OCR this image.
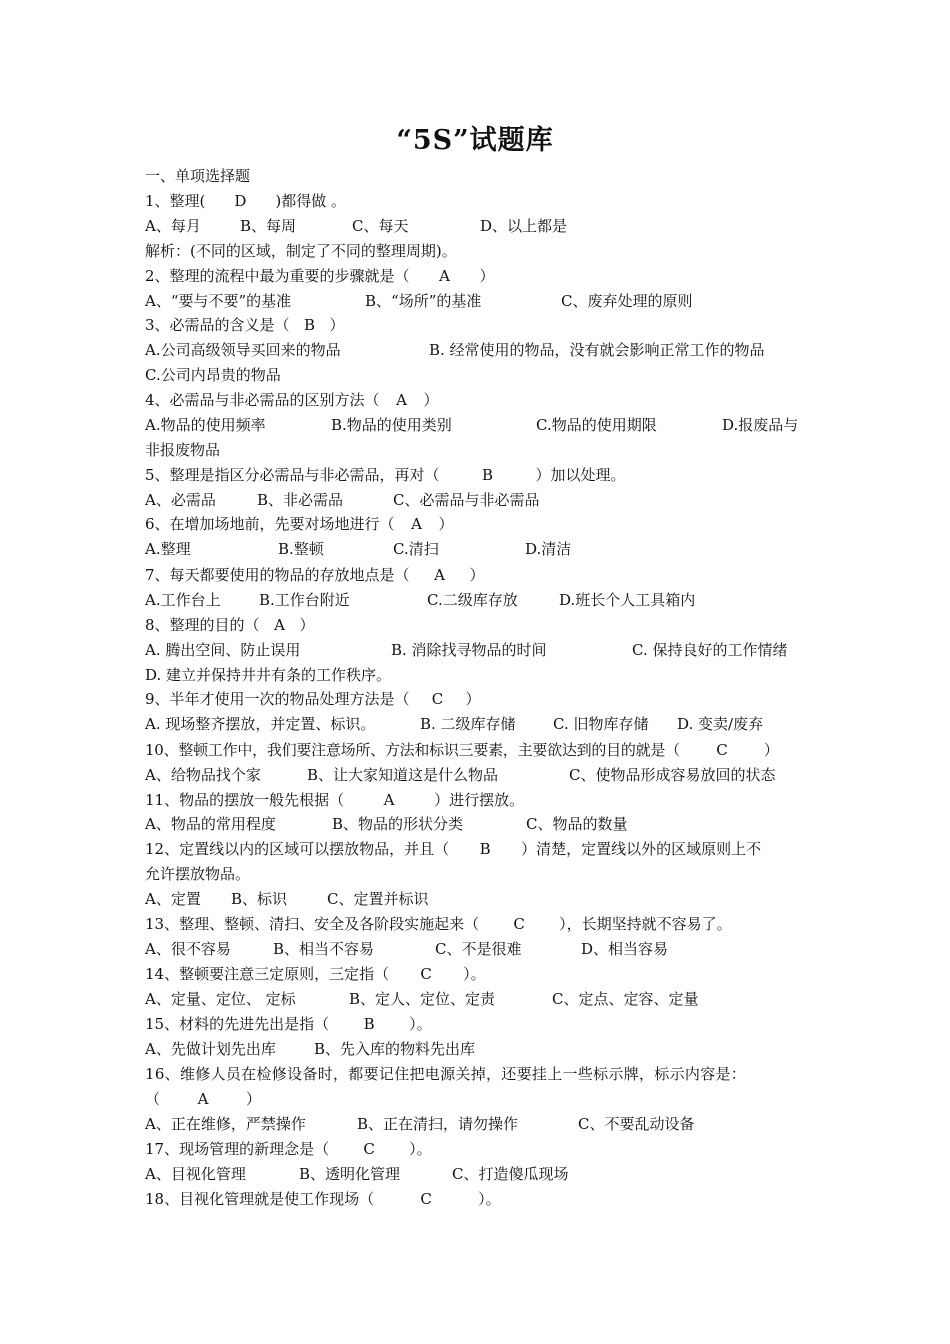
“5S”试题库
一、单项选择题
1、整理( D )都得做 。

A、每月

	B、每周

	C、每天

	D、以上都是

解析：(不同的区域，制定了不同的整理周期)。
2、整理的流程中最为重要的步骤就是（ A ）

A、“要与不要”的基准

	B、“场所”的基准

	C、废弃处理的原则

3、必需品的含义是（ B ）

A.公司高级领导买回来的物品

	B. 经常使用的物品，没有就会影响正常工作的物品

C.公司内昂贵的物品
4、必需品与非必需品的区别方法（ A ）

A.物品的使用频率

	B.物品的使用类别

	C.物品的使用期限

	D.报废品与

非报废物品
5、整理是指区分必需品与非必需品，再对（	B	）加以处理。

A、必需品

	B、非必需品

	C、必需品与非必需品

6、在增加场地前，先要对场地进行（ A ）

A.整理

	B.整顿

	C.清扫

	D.清洁

7、每天都要使用的物品的存放地点是（ A ）

A.工作台上

	B.工作台附近

	C.二级库存放

	D.班长个人工具箱内

8、整理的目的（ A ）

A. 腾出空间、防止误用

	B. 消除找寻物品的时间

	C. 保持良好的工作情绪

D. 建立并保持井井有条的工作秩序。
9、半年才使用一次的物品处理方法是（ C ）

A. 现场整齐摆放，并定置、标识。

	B. 二级库存储

C. 旧物库存储

D. 变卖/废弃

10、整顿工作中，我们要注意场所、方法和标识三要素，主要欲达到的目的就是（ C ）

A、给物品找个家

	B、让大家知道这是什么物品

	C、使物品形成容易放回的状态

11、物品的摆放一般先根据（	A	）进行摆放。

A、物品的常用程度

	B、物品的形状分类

	C、物品的数量

12、定置线以内的区域可以摆放物品，并且（ B ）清楚，定置线以外的区域原则上不
允许摆放物品。

A、定置

B、标识

	C、定置并标识

13、整理、整顿、清扫、安全及各阶段实施起来（ C ），长期坚持就不容易了。

A、很不容易

	B、相当不容易

	C、不是很难

	D、相当容易

14、整顿要注意三定原则，三定指（ C ）。

A、定量、定位、 定标

	B、定人、定位、定责

	C、定点、定容、定量

15、材料的先进先出是指（ B ）。

A、先做计划先出库

	B、先入库的物料先出库

16、维修人员在检修设备时，都要记住把电源关掉，还要挂上一些标示牌，标示内容是：
（	A	）

A、正在维修，严禁操作

	B、正在清扫，请勿操作

	C、不要乱动设备

17、现场管理的新理念是（ C ）。

A、目视化管理

	B、透明化管理

	C、打造傻瓜现场

18、目视化管理就是使工作现场（	C	）。
